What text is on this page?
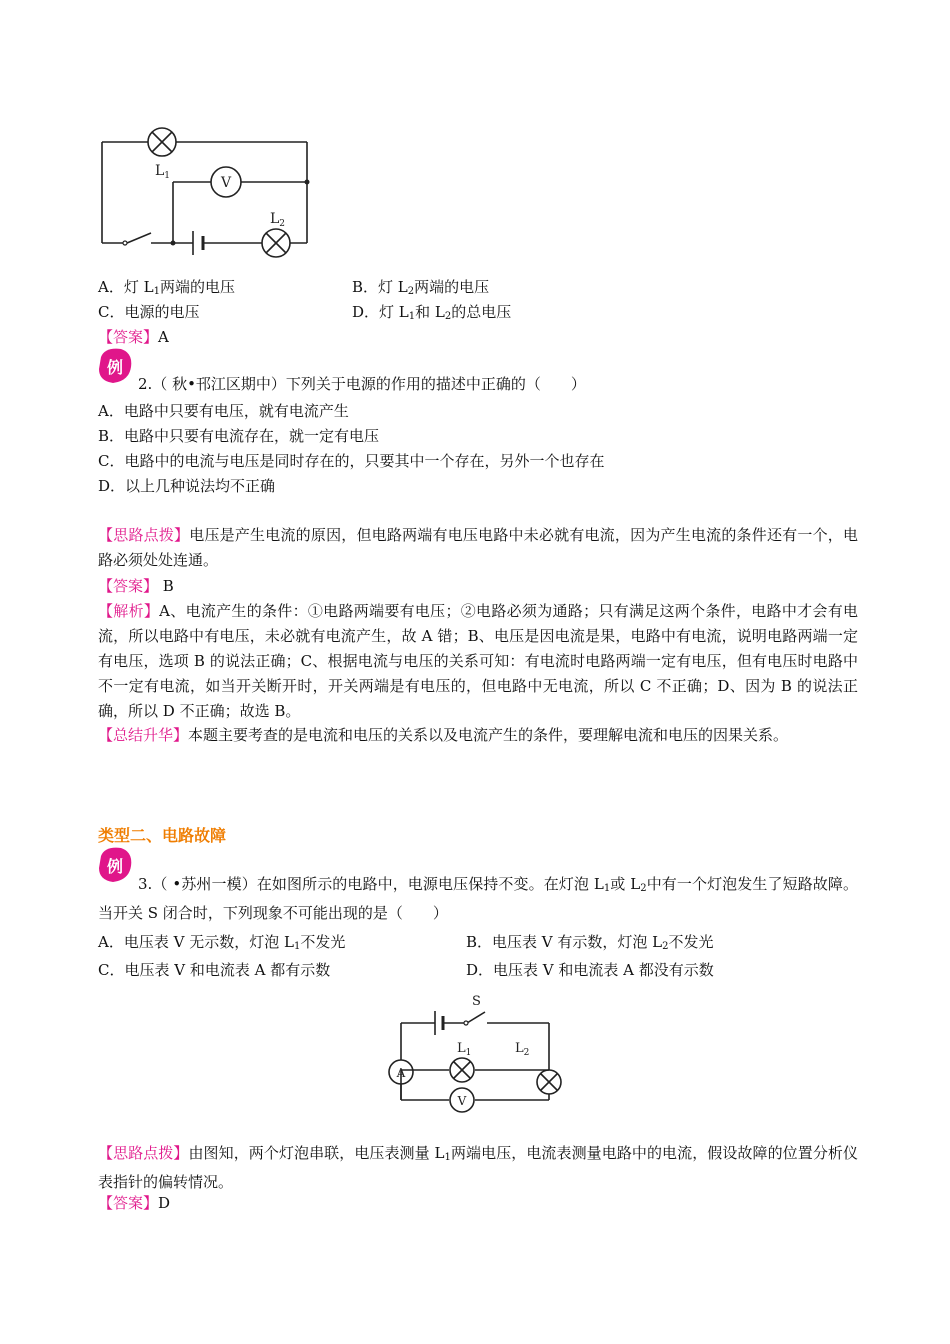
V
$L_1$
$L_2$
A．灯 $L_1$两端的电压	B．灯 $L_2$两端的电压
C．电源的电压	D．灯 $L_1$和 $L_2$的总电压
【答案】A
例
2.（ 秋•邗江区期中）下列关于电源的作用的描述中正确的（　　）
A．电路中只要有电压，就有电流产生
B．电路中只要有电流存在，就一定有电压
C．电路中的电流与电压是同时存在的，只要其中一个存在，另外一个也存在
D．以上几种说法均不正确
【思路点拨】电压是产生电流的原因，但电路两端有电压电路中未必就有电流，因为产生电流的条件还有一个，电路必须处处连通。
【答案】 B
【解析】A、电流产生的条件：①电路两端要有电压；②电路必须为通路；只有满足这两个条件，电路中才会有电流，所以电路中有电压，未必就有电流产生，故 A 错；B、电压是因电流是果，电路中有电流，说明电路两端一定有电压，选项 B 的说法正确；C、根据电流与电压的关系可知：有电流时电路两端一定有电压，但有电压时电路中不一定有电流，如当开关断开时，开关两端是有电压的，但电路中无电流，所以 C 不正确；D、因为 B 的说法正确，所以 D 不正确；故选 B。
【总结升华】本题主要考查的是电流和电压的关系以及电流产生的条件，要理解电流和电压的因果关系。
类型二、电路故障
例
3.（ •苏州一模）在如图所示的电路中，电源电压保持不变。在灯泡 $L_1$或 $L_2$中有一个灯泡发生了短路故障。当开关 S 闭合时，下列现象不可能出现的是（　　）
A．电压表 V 无示数，灯泡 $L_1$不发光	B．电压表 V 有示数，灯泡 $L_2$不发光
C．电压表 V 和电流表 A 都有示数	D．电压表 V 和电流表 A 都没有示数
S
A
V
$L_1$	$L_2$
【思路点拨】由图知，两个灯泡串联，电压表测量 $L_1$两端电压，电流表测量电路中的电流，假设故障的位置分析仪表指针的偏转情况。
【答案】D
